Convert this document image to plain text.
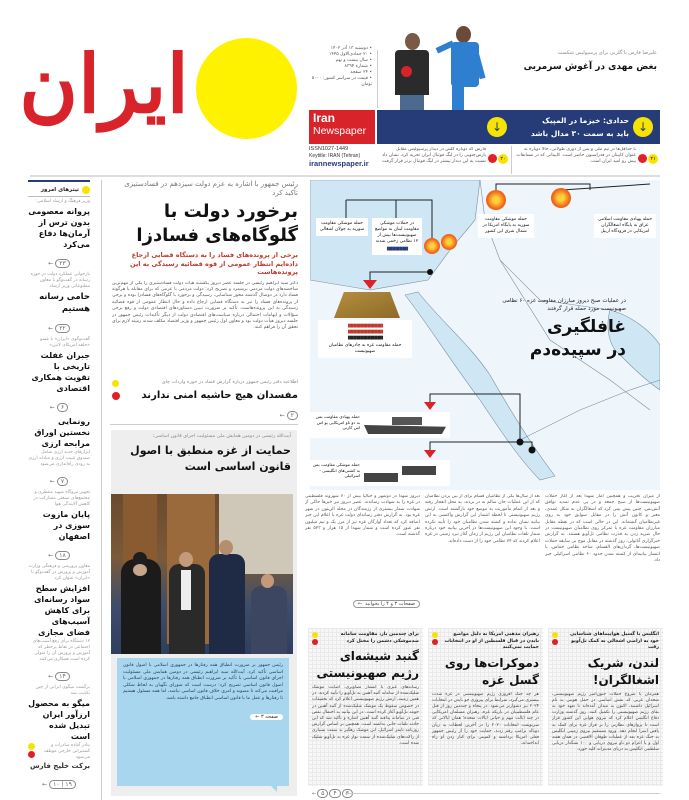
ایران	• دوشنبه ۱۳ آذر ۱۴۰۲
• ۲۰ جمادی‌الاول ۱۴۴۵
• سال بیست و نهم
• شماره ۸۳۹۴
• ۲۴ صفحه
• قیمت در سراسر کشور: ۵۰۰۰ تومان
Iran
Newspaper	↓	↓
حدادی: خیزما در المپیک
باید به سمت ۳۰ مدال باشد
علیرضا فارس با گلزنی برای پرسپولیس شکست
بغض مهدی در آغوش سرمربی
ISSN1027-1449
Keytitle: IRAN (Tehran)
irannewspaper.ir
فارس که دوباره گلش در دیدار پرسپولیس مقابل پارس‌جنوبی را در لیگ فوتبال ایران تجربه کرد، نشان داد نسبت به این دیدار بیشتر در لیگ فوتبال برتر قرار گرفت	۲۰
با حداقل‌ها در تیم ملی و پس از دوری طولانی، حالا دوباره به عنوان کاپیتان در فدراسیون حاضر است. کاپیتانی که در مسابقات پیش رو امید ایران است.	۲۱
تیترهای امروز
وزیر فرهنگ و ارشاد اسلامی:
پروانه معصومی بدون ترس از آرمان‌ها دفاع می‌کرد
←	۲۳
بازخوانی عملکرد دولت در حوزه رسانه در گفت‌وگو با معاون مطبوعاتی وزیر ارشاد
حامی رسانه هستیم
←	۲۲
گفت‌وگوی «ایران» با عضو «حلقه امریکای لاتین»
جبران غفلت تاریخی با تقویت همکاری اقتصادی
←	۶
رونمایی نخستین اوراق مرابحه ارزی
ابزارهای جدید ارزی شامل صندوق تثبیت ارزی و مبادله ارزی به زودی راه‌اندازی می‌شود
←	۷
تجهیز نیروگاه شهید منتظری و مجتمع‌های صنعتی مشارکت در کاهش آلایندگی هوا
پایان مازوت سوزی در اصفهان
←	۱۸
معاون پرورشی و فرهنگی وزارت آموزش و پرورش در گفت‌وگو با «ایران» عنوان کرد
افزایش سطح سواد رسانه‌ای برای کاهش آسیب‌های فضای مجازی
۱۲ دستگاه برای رفع آسیب‌های اجتماعی در نقاط پرخطر که آموزش و پرورش آن را متولی کرده است همکاری می‌کنند
←	۱۴
برگشت میگوی ایرانی از چین تکذیب شد
میگو به محصول ارزآور ایران تبدیل شده است
بنادر آماده صادرات و کشتیرانی خارجی موظف می‌شود
برکت خلیج فارس
←	۱۰ | ۱۹
رئیس جمهور با اشاره به عزم دولت سیزدهم در فسادستیزی تأکید کرد
برخورد دولت با گلوگاه‌های فسادزا
برخی از پرونده‌های فساد را به دستگاه قضایی ارجاع داده‌ایم انتظار عمومی از قوه قضائیه رسیدگی به این پرونده‌هاست
دکتر سید ابراهیم رئیسی در جلسه عصر دیروز یکشنبه هیأت دولت فسادستیزی را یکی از مهم‌ترین شاخصه‌های دولت مردمی برشمرد و تصریح کرد: دولت مردمی با عزمی که برای مقابله با هرگونه فساد دارد در دوسال گذشته محور شناسایی، رسیدگی و برخورد با گلوگاه‌های فسادزا بوده و برخی از پرونده‌های فساد را نیز به دستگاه قضایی ارجاع داده و حال انتظار عمومی از قوه قضائیه رسیدگی به این پرونده‌هاست. تأکید بر ضرورت تبیین دستاوردهای اقتصادی دولت و رفع برخی سؤالات و ابهامات احتمالی درباره سیاست‌های اقتصادی دولت از دیگر تأکیدات رئیس جمهور در جلسه دیروز هیأت دولت بود و معاون اول رئیس جمهور و وزیر اقتصاد مکلف شدند زمینه لازم برای تحقق آن را فراهم کنند.
اطلاعیه دفتر رئیس جمهور درباره گزارش فساد در حوزه واردات چای
مفسدان هیچ حاشیه امنی ندارند
←	۲
آیت‌الله رئیسی در دومین همایش ملی مسئولیت اجرای قانون اساسی:
حمایت از غزه منطبق با اصول قانون اساسی است
رئیس جمهور بر ضرورت انطباق همه رفتارها در جمهوری اسلامی با اصول قانون اساسی تأکید کرد. آیت‌الله سید ابراهیم رئیسی در دومین همایش ملی مسئولیت اجرای قانون اساسی با تأکید بر ضرورت انطباق همه رفتارها در جمهوری اسلامی با اصول قانون اساسی تصریح کرد: درست است که شورای نگهبان به لحاظ شکلی مراقبت می‌کند تا مصوبه و امری خلاف قانون اساسی نباشد، اما همه مسئول هستیم تا رفتارها و عمل ما با قانون اساسی انطباق جامع داشته باشد.
صفحه ۳ ←
حمله موشکی مقاومت سوریه به جولان اشغالی
در حملات موشکی مقاومت لبنان به مواضع صهیونیست‌ها بیش از ۱۲ نظامی زخمی شدند
▮▮▮▮▮▮▮▮▮▮▮▮
حمله موشکی مقاومت سوریه به پایگاه امریکا در شمال شرق این کشور
حمله پهپادی مقاومت اسلامی عراق به پایگاه اشغالگران امریکایی در فرودگاه اربیل
▮▮▮▮▮▮▮▮▮▮▮▮▮▮▮▮▮▮▮▮
▮▮▮▮▮▮▮▮▮▮▮▮▮▮▮▮▮▮▮▮
▮▮▮▮▮▮▮▮▮▮▮▮▮▮▮▮▮▮▮▮
حمله مقاومت غزه به چادرهای نظامیان صهیونیست
در عملیات صبح دیروز مبارزان مقاومت غزه ۶۰ نظامی صهیونیست مورد حمله قرار گرفتند
غافلگیری
در سپیده‌دم
حمله پهپادی مقاومت یمن به دو ناو امریکایی یو اس اس کارنی
حمله موشکی مقاومت یمن به کشتی‌های انگلیسی - اسرائیلی
از میزان تخریب و همچنین آمار شهدا بعد از آغاز حملات صهیونیست‌ها از صبح جمعه و در پی عدم تمدید توافق آتش‌بس، چنین پیش بینی کرد که اشغالگران به شکل عمدی، معبر و کانون آتش را در مقابل سوابق خود به روی غیرنظامیان گشته‌اند. این در حالی است که در نقطه مقابل مبارزان مقاومت غزه با تمرکز روی نظامیان صهیونیست در حال ضربه زدن به قدرت نظامی تل‌آویو هستند. به گزارش خبرگزاری آناتولی، روز گذشته در مقابل موج بی سابقه حملات صهیونیست‌ها، گردان‌های القسام، شاخه نظامی حماس، با انتشار بیانیه‌ای از کشته شدن حدود ۶۰ نظامی اسرائیلی خبر داد.
بعد از سال‌ها یکی از نظامیان قسام برای از بین بردن نظامیان که از این عملیات جان سالم به در بردند، به محل انفجار رفته و بعد از اتمام مأموریت به موضع خود بازگشته است. ارتش رژیم صهیونیستی تا لحظه انتشار این گزارش واکنشی به این بیانیه نشان نداده و کشته شدن نظامیان خود را تأیید نکرده است. با وجود این صهیونیست‌ها در آخرین بیانیه خود درباره شمار تلفات نظامیان این رژیم از زمان آغاز نبرد زمینی در غزه اعلام کردند که ۷۴ نظامی خود را از دست داده‌اند.
دیروز شهدا در دوشهر و جبالیا بیش از ۷۰ شهروند فلسطینی در غزه را به شهادت رساندند. عصر دیروز نیز خبرها حاکی از شهادت شمار بیشتری از رزمندگان در محله الزیتون در شهر غزه بود. به گزارش دفتر رسانه‌ای دولت غزه با اعلام این خبر اضافه کرد که تعداد آوارگان غزه نیز از مرز یک و نیم میلیون نفر عبور کرده است و شمار شهدا از ۱۵ هزار و ۵۲۳ نفر گذشته است.
صفحات ۳ و ۴ را بخوانید
←
انگلیس با گسیل هواپیماهای شناسایی خود به اراضی اشغالی به کمک تل‌آویو رفت
لندن، شریک اشغالگران!
همزمان با شروع حملات جنون‌آمیز رژیم صهیونیستی، متحدان غربی که نقش اساسی در حمل هویتی به نام اسرائیل داشتند، اکنون به میدان آمده‌اند تا تعهد خود به بقای رژیم صهیونیستی را تکمیل کنند. روز گذشته وزارت دفاع انگلیس اعلام کرد که نیروی هوایی این کشور قرار است تا پروازهای نظارتی را بر فراز غزه برای کمک به یافتن اسرا انجام دهد. ورود مستقیم نیروی زمینی انگلیس به جنگ غزه بعد از عملیات طوفان الاقصی در همان هفته اول و با اعزام دو ناو نیروی دریایی و ۱۰۰ تفنگدار دریایی سلطنتی انگلیس به دریای مدیترانه کلید خورد.
رهبران مذهبی امریکا به دلیل مواضع بایدن در قبال فلسطین از او در انتخابات حمایت نمی‌کنند
دموکرات‌ها روی گسل غزه
هر چه جنگ افروزی رژیم صهیونیستی در غزه شدت بیشتری می‌گیرد، شرایط برای پیروزی جو بایدن در انتخابات ۲۰۲۴ نیز دشوارتر می‌شود. در پنجاه و چندمین روز از قتل عام فلسطینیان در باریکه غزه، رهبران مسلمان امریکایی در چند ایالت مهم و حیاتی ایالات متحده؛ همان ایالاتی که سرنوشت انتخابات ۲۰۲۰ را در آخرین لحظات به زیان دونالد ترامپ رقم زدند، حمایت خود را از رئیس جمهور فعلی امریکا برداشته و کمپینی برای کنار زدن او راه انداخته‌اند.
برای چندمین بار، مقاومت سامانه ضدموشکی دشمن را مختل کرد
گنبد شیشه‌ای رژیم صهیونیستی
رسانه‌های عبری با انتشار تصاویری، اصابت موشک شلیک‌شده از سامانه گنبد آهنین به تل‌آویو را تأیید کردند. در همین زمینه، ارتش رژیم صهیونیستی اعلام کرد که تحقیقات در خصوص سقوط یک موشک شلیک‌شده از گنبد آهنین در حومه تل‌آویو آغاز کرده است. در این بیانیه به احتمال نقص فنی در سامانه پدافند گنبد آهنین اشاره و تأکید شد که این حادثه تلفات جانی نداشته است. همچنین بر اساس گزارش روزنامه تایمز اسرائیل، این موشک رهگیر به سمت بسیاری از راکت‌های شلیک‌شده از سمت نوار غزه به تل‌آویو شلیک شده‌ است.
← ۵	۴
